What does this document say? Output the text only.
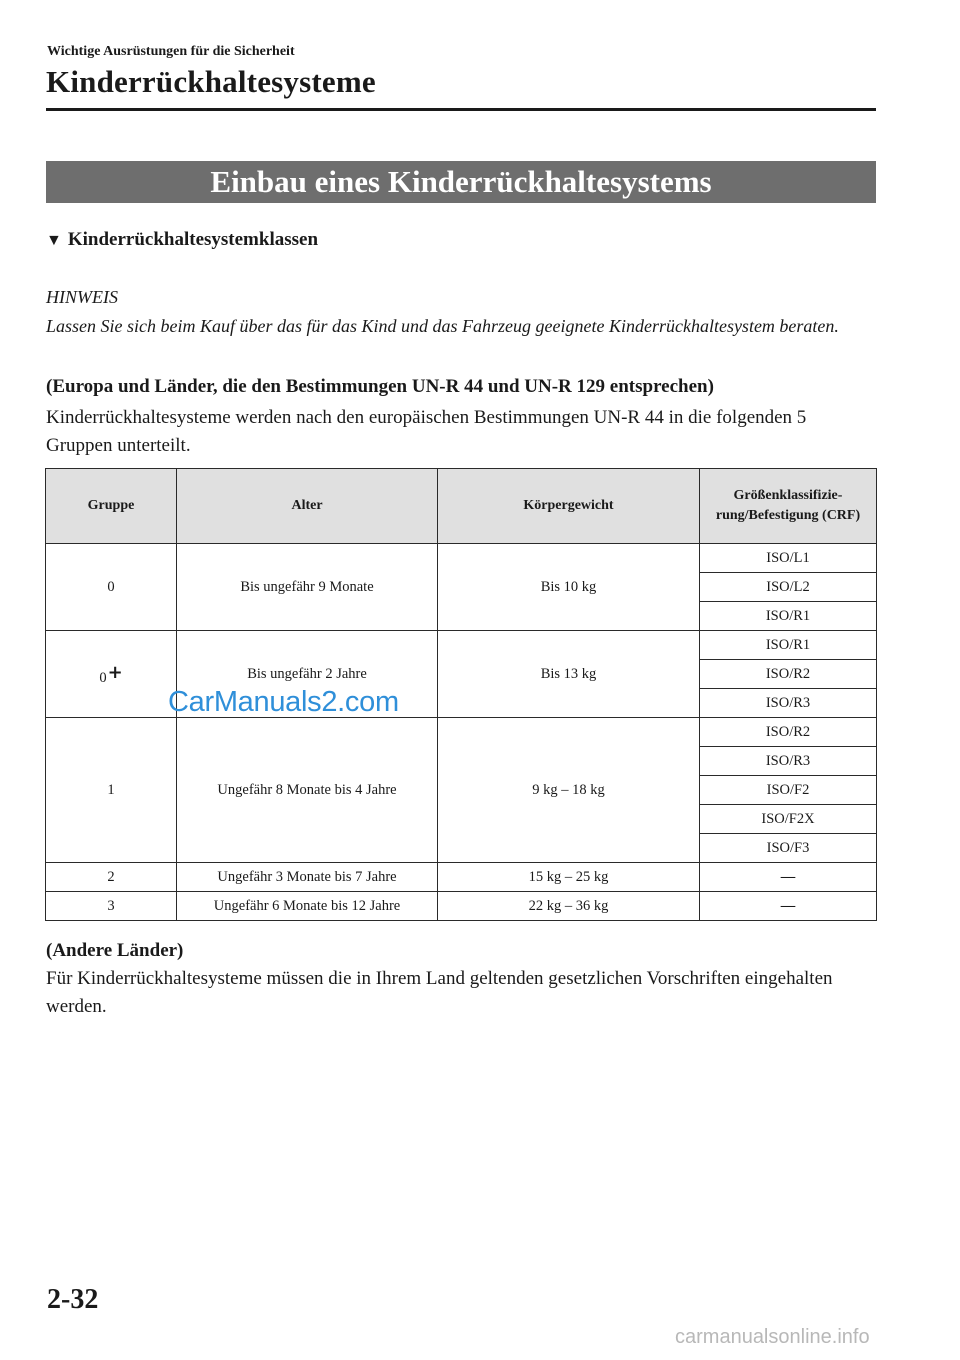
Wichtige Ausrüstungen für die Sicherheit
Kinderrückhaltesysteme
Einbau eines Kinderrückhaltesystems
▼ Kinderrückhaltesystemklassen
HINWEIS
Lassen Sie sich beim Kauf über das für das Kind und das Fahrzeug geeignete Kinderrückhaltesystem beraten.
(Europa und Länder, die den Bestimmungen UN-R 44 und UN-R 129 entsprechen)
Kinderrückhaltesysteme werden nach den europäischen Bestimmungen UN-R 44 in die folgenden 5 Gruppen unterteilt.
Gruppe	Alter	Körpergewicht	Größenklassifizie-rung/Befestigung (CRF)
0	Bis ungefähr 9 Monate	Bis 10 kg	ISO/L1
			ISO/L2
			ISO/R1
0+	Bis ungefähr 2 Jahre	Bis 13 kg	ISO/R1
			ISO/R2
			ISO/R3
1	Ungefähr 8 Monate bis 4 Jahre	9 kg – 18 kg	ISO/R2
			ISO/R3
			ISO/F2
			ISO/F2X
			ISO/F3
2	Ungefähr 3 Monate bis 7 Jahre	15 kg – 25 kg	—
3	Ungefähr 6 Monate bis 12 Jahre	22 kg – 36 kg	—
(Andere Länder)
Für Kinderrückhaltesysteme müssen die in Ihrem Land geltenden gesetzlichen Vorschriften eingehalten werden.
CarManuals2.com
2-32
carmanualsonline.info
